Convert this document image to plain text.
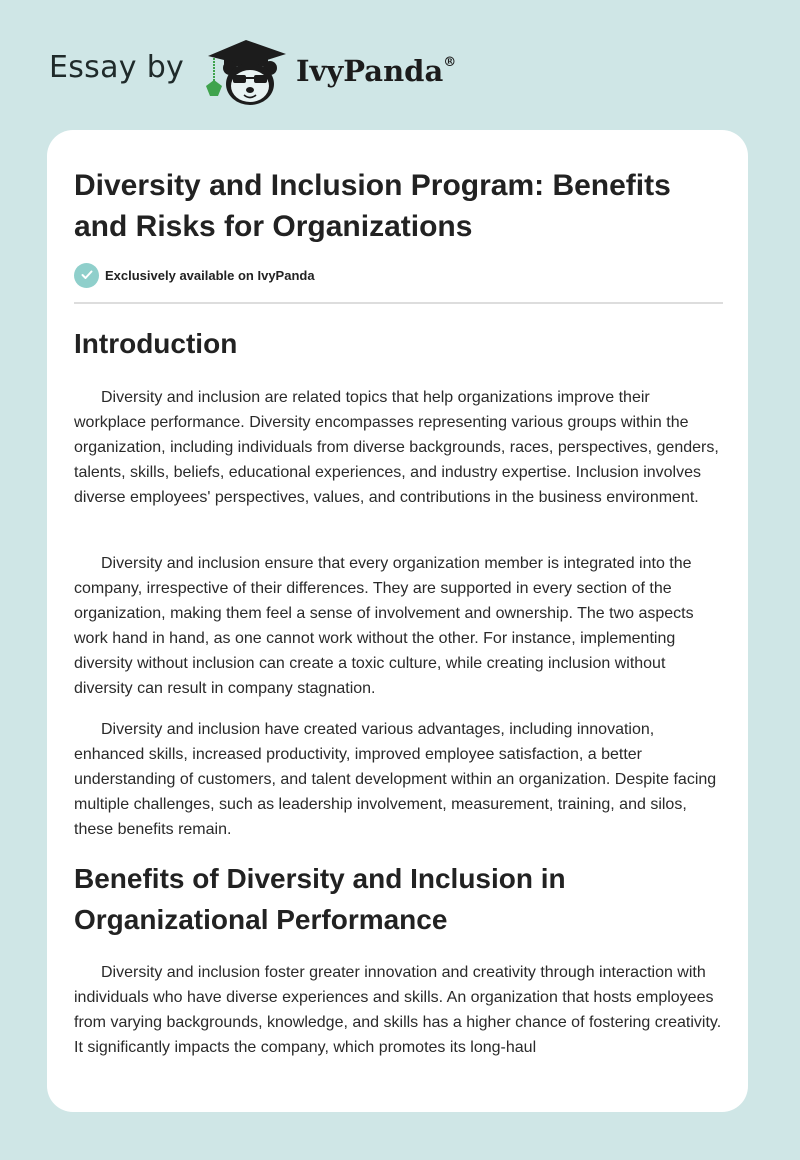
Essay by	IvyPanda®
Diversity and Inclusion Program: Benefits and Risks for Organizations
Exclusively available on IvyPanda
Introduction

Diversity and inclusion are related topics that help organizations improve their workplace performance. Diversity encompasses representing various groups within the organization, including individuals from diverse backgrounds, races, perspectives, genders, talents, skills, beliefs, educational experiences, and industry expertise. Inclusion involves diverse employees' perspectives, values, and contributions in the business environment.

Diversity and inclusion ensure that every organization member is integrated into the company, irrespective of their differences. They are supported in every section of the organization, making them feel a sense of involvement and ownership. The two aspects work hand in hand, as one cannot work without the other. For instance, implementing diversity without inclusion can create a toxic culture, while creating inclusion without diversity can result in company stagnation.

Diversity and inclusion have created various advantages, including innovation, enhanced skills, increased productivity, improved employee satisfaction, a better understanding of customers, and talent development within an organization. Despite facing multiple challenges, such as leadership involvement, measurement, training, and silos, these benefits remain.

Benefits of Diversity and Inclusion in Organizational Performance

Diversity and inclusion foster greater innovation and creativity through interaction with individuals who have diverse experiences and skills. An organization that hosts employees from varying backgrounds, knowledge, and skills has a higher chance of fostering creativity. It significantly impacts the company, which promotes its long-haul
